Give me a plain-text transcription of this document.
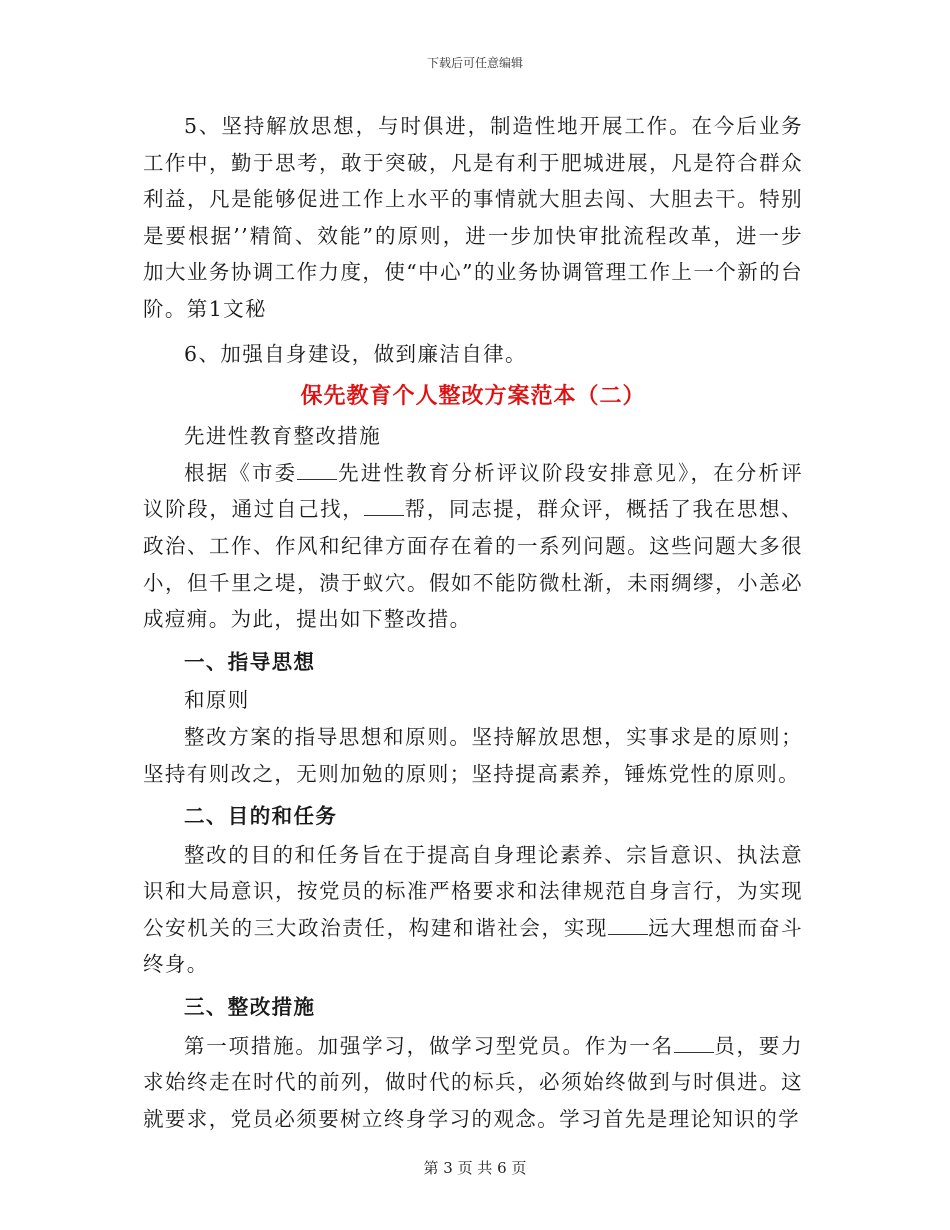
下载后可任意编辑

5、坚持解放思想，与时俱进，制造性地开展工作。在今后业务工作中，勤于思考，敢于突破，凡是有利于肥城进展，凡是符合群众利益，凡是能够促进工作上水平的事情就大胆去闯、大胆去干。特别是要根据’’精简、效能”的原则，进一步加快审批流程改革，进一步加大业务协调工作力度，使“中心”的业务协调管理工作上一个新的台阶。第1文秘

6、加强自身建设，做到廉洁自律。

保先教育个人整改方案范本（二）

先进性教育整改措施

根据《市委 先进性教育分析评议阶段安排意见》，在分析评议阶段，通过自己找， 帮，同志提，群众评，概括了我在思想、政治、工作、作风和纪律方面存在着的一系列问题。这些问题大多很小，但千里之堤，溃于蚁穴。假如不能防微杜渐，未雨绸缪，小恙必成痘痈。为此，提出如下整改措。

一、指导思想

和原则

整改方案的指导思想和原则。坚持解放思想，实事求是的原则；坚持有则改之，无则加勉的原则；坚持提高素养，锤炼党性的原则。

二、目的和任务

整改的目的和任务旨在于提高自身理论素养、宗旨意识、执法意识和大局意识，按党员的标准严格要求和法律规范自身言行，为实现公安机关的三大政治责任，构建和谐社会，实现 远大理想而奋斗终身。

三、整改措施

第一项措施。加强学习，做学习型党员。作为一名 员，要力求始终走在时代的前列，做时代的标兵，必须始终做到与时俱进。这就要求，党员必须要树立终身学习的观念。学习首先是理论知识的学

第 3 页 共 6 页
